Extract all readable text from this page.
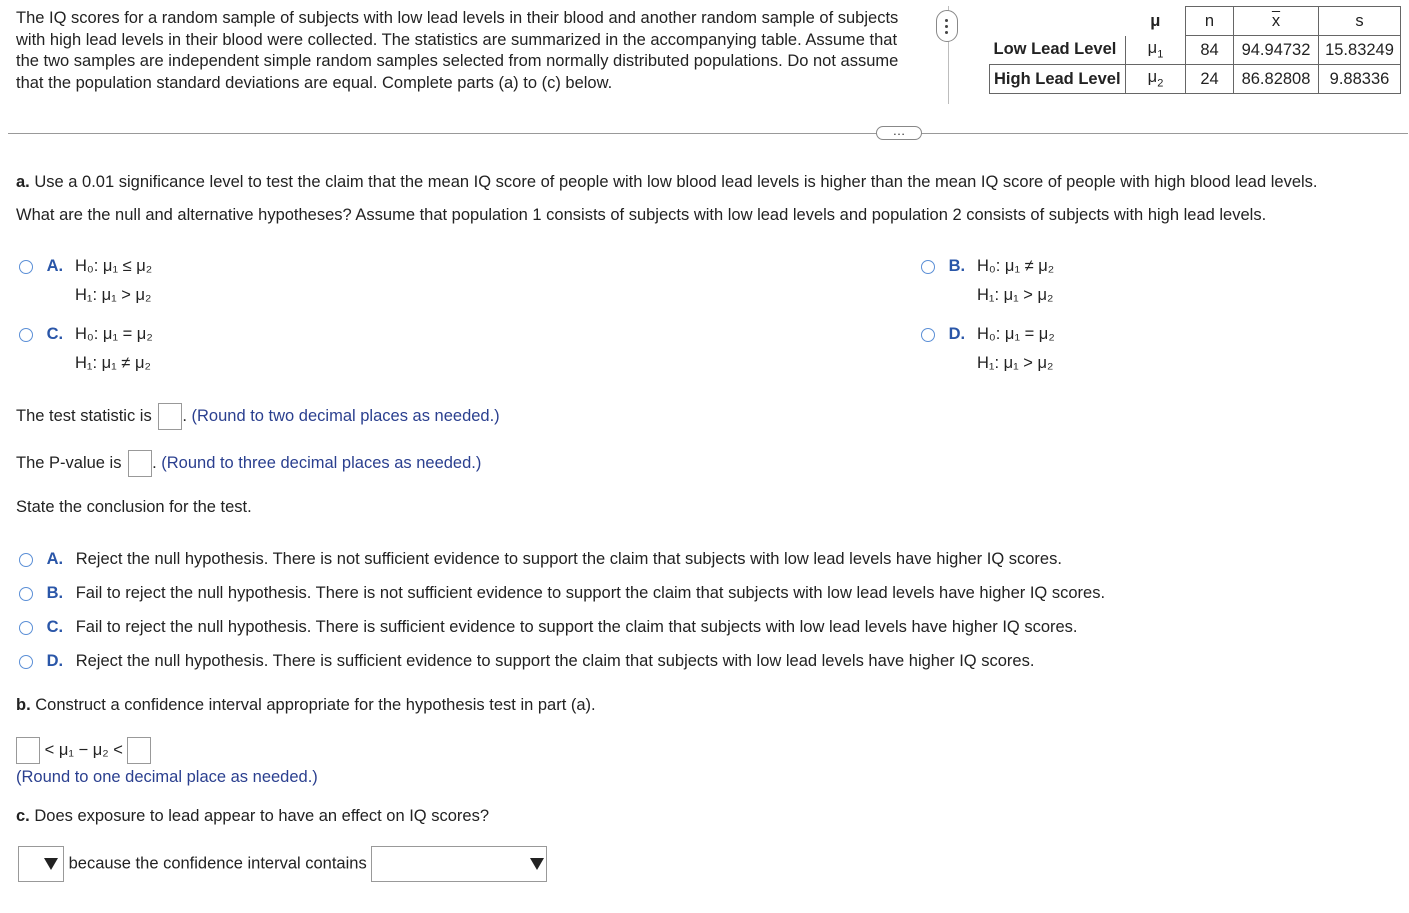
The IQ scores for a random sample of subjects with low lead levels in their blood and another random sample of subjects with high lead levels in their blood were collected. The statistics are summarized in the accompanying table. Assume that the two samples are independent simple random samples selected from normally distributed populations. Do not assume that the population standard deviations are equal. Complete parts (a) to (c) below.
	μ	n	$\overline{x}$	s
Low Lead Level	$\mu_1$	84	94.94732	15.83249
High Lead Level	$\mu_2$	24	86.82808	9.88336
…
a. Use a 0.01 significance level to test the claim that the mean IQ score of people with low blood lead levels is higher than the mean IQ score of people with high blood lead levels.
What are the null and alternative hypotheses? Assume that population 1 consists of subjects with low lead levels and population 2 consists of subjects with high lead levels.
A. H₀: μ₁ ≤ μ₂
H₁: μ₁ > μ₂
B. H₀: μ₁ ≠ μ₂
H₁: μ₁ > μ₂
C. H₀: μ₁ = μ₂
H₁: μ₁ ≠ μ₂
D. H₀: μ₁ = μ₂
H₁: μ₁ > μ₂
The test statistic is . (Round to two decimal places as needed.)
The P-value is . (Round to three decimal places as needed.)
State the conclusion for the test.
A. Reject the null hypothesis. There is not sufficient evidence to support the claim that subjects with low lead levels have higher IQ scores.
B. Fail to reject the null hypothesis. There is not sufficient evidence to support the claim that subjects with low lead levels have higher IQ scores.
C. Fail to reject the null hypothesis. There is sufficient evidence to support the claim that subjects with low lead levels have higher IQ scores.
D. Reject the null hypothesis. There is sufficient evidence to support the claim that subjects with low lead levels have higher IQ scores.
b. Construct a confidence interval appropriate for the hypothesis test in part (a).
< μ₁ − μ₂ <
(Round to one decimal place as needed.)
c. Does exposure to lead appear to have an effect on IQ scores?
because the confidence interval contains
